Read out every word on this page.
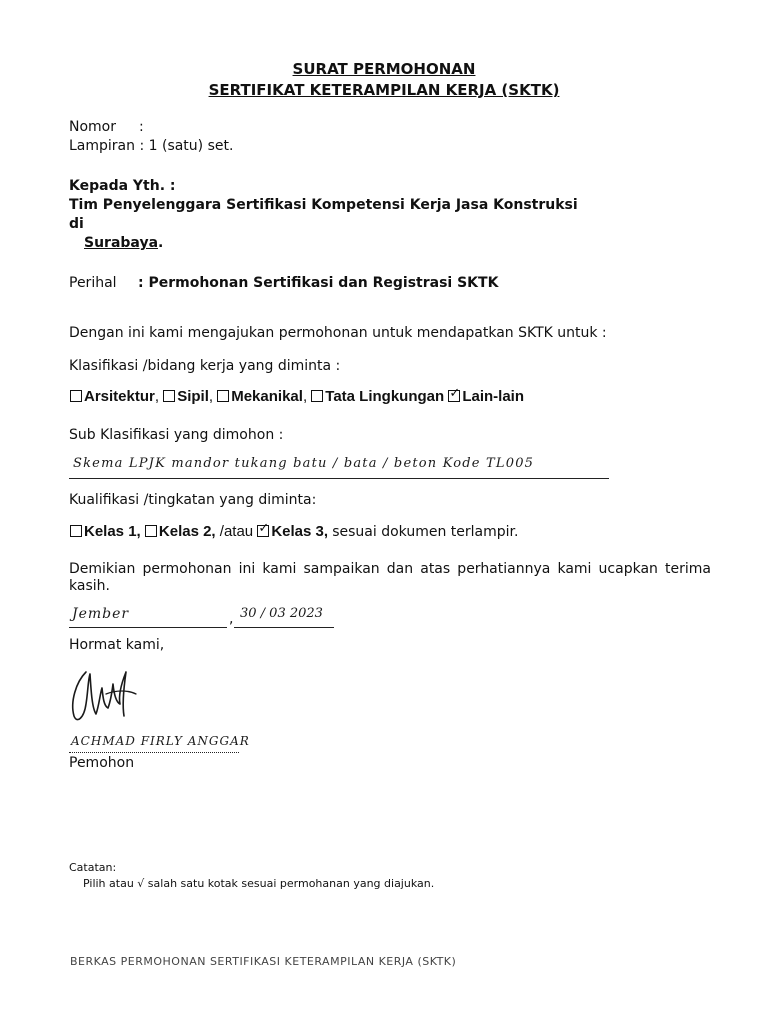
SURAT PERMOHONAN
SERTIFIKAT KETERAMPILAN KERJA (SKTK)
Nomor :
Lampiran : 1 (satu) set.
Kepada Yth. :
Tim Penyelenggara Sertifikasi Kompetensi Kerja Jasa Konstruksi
di
Surabaya.
Perihal : Permohonan Sertifikasi dan Registrasi SKTK
Dengan ini kami mengajukan permohonan untuk mendapatkan SKTK untuk :
Klasifikasi /bidang kerja yang diminta :
Arsitektur, Sipil, Mekanikal, Tata Lingkungan ✓ Lain-lain
Sub Klasifikasi yang dimohon :
Skema LPJK mandor tukang batu / bata / beton Kode TL005
Kualifikasi /tingkatan yang diminta:
Kelas 1, Kelas 2, /atau ✓ Kelas 3, sesuai dokumen terlampir.
Demikian permohonan ini kami sampaikan dan atas perhatiannya kami ucapkan terima kasih.
Jember	, 30 / 03 2023
Hormat kami,
ACHMAD FIRLY ANGGAR
Pemohon
Catatan:
Pilih atau √ salah satu kotak sesuai permohanan yang diajukan.
BERKAS PERMOHONAN SERTIFIKASI KETERAMPILAN KERJA (SKTK)
